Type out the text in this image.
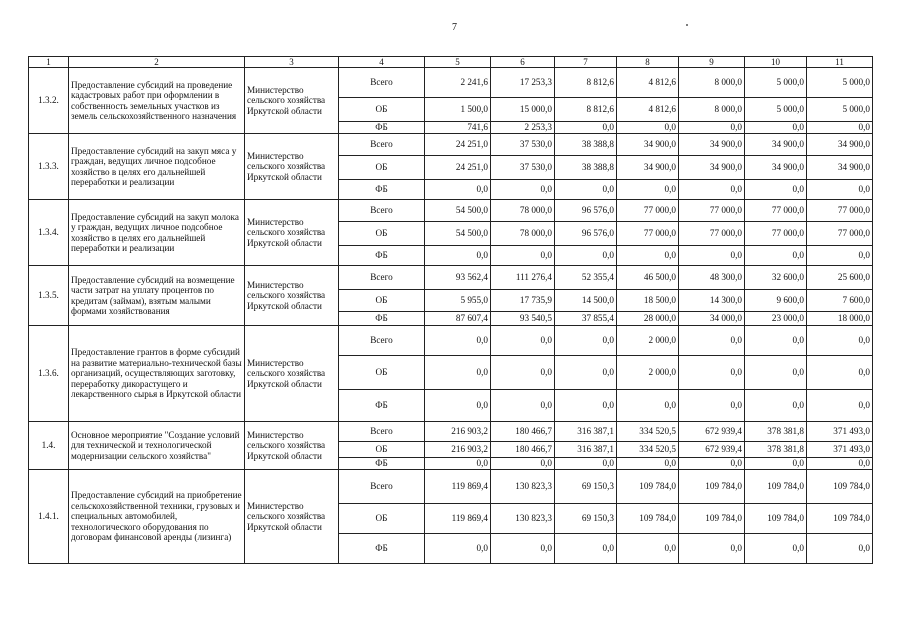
7
1	2	3	4	5	6	7	8	9	10	11
1.3.2.	Предоставление субсидий на проведение кадастровых работ при оформлении в собственность земельных участков из земель сельскохозяйственного назначения	Министерство сельского хозяйства Иркутской области	Всего	2 241,6	17 253,3	8 812,6	4 812,6	8 000,0	5 000,0	5 000,0
			ОБ	1 500,0	15 000,0	8 812,6	4 812,6	8 000,0	5 000,0	5 000,0
			ФБ	741,6	2 253,3	0,0	0,0	0,0	0,0	0,0
1.3.3.	Предоставление субсидий на закуп мяса у граждан, ведущих личное подсобное хозяйство в целях его дальнейшей переработки и реализации	Министерство сельского хозяйства Иркутской области	Всего	24 251,0	37 530,0	38 388,8	34 900,0	34 900,0	34 900,0	34 900,0
			ОБ	24 251,0	37 530,0	38 388,8	34 900,0	34 900,0	34 900,0	34 900,0
			ФБ	0,0	0,0	0,0	0,0	0,0	0,0	0,0
1.3.4.	Предоставление субсидий на закуп молока у граждан, ведущих личное подсобное хозяйство в целях его дальнейшей переработки и реализации	Министерство сельского хозяйства Иркутской области	Всего	54 500,0	78 000,0	96 576,0	77 000,0	77 000,0	77 000,0	77 000,0
			ОБ	54 500,0	78 000,0	96 576,0	77 000,0	77 000,0	77 000,0	77 000,0
			ФБ	0,0	0,0	0,0	0,0	0,0	0,0	0,0
1.3.5.	Предоставление субсидий на возмещение части затрат на уплату процентов по кредитам (займам), взятым малыми формами хозяйствования	Министерство сельского хозяйства Иркутской области	Всего	93 562,4	111 276,4	52 355,4	46 500,0	48 300,0	32 600,0	25 600,0
			ОБ	5 955,0	17 735,9	14 500,0	18 500,0	14 300,0	9 600,0	7 600,0
			ФБ	87 607,4	93 540,5	37 855,4	28 000,0	34 000,0	23 000,0	18 000,0
1.3.6.	Предоставление грантов в форме субсидий на развитие материально-технической базы организаций, осуществляющих заготовку, переработку дикорастущего и лекарственного сырья в Иркутской области	Министерство сельского хозяйства Иркутской области	Всего	0,0	0,0	0,0	2 000,0	0,0	0,0	0,0
			ОБ	0,0	0,0	0,0	2 000,0	0,0	0,0	0,0
			ФБ	0,0	0,0	0,0	0,0	0,0	0,0	0,0
1.4.	Основное мероприятие "Создание условий для технической и технологической модернизации сельского хозяйства"	Министерство сельского хозяйства Иркутской области	Всего	216 903,2	180 466,7	316 387,1	334 520,5	672 939,4	378 381,8	371 493,0
			ОБ	216 903,2	180 466,7	316 387,1	334 520,5	672 939,4	378 381,8	371 493,0
			ФБ	0,0	0,0	0,0	0,0	0,0	0,0	0,0
1.4.1.	Предоставление субсидий на приобретение сельскохозяйственной техники, грузовых и специальных автомобилей, технологического оборудования по договорам финансовой аренды (лизинга)	Министерство сельского хозяйства Иркутской области	Всего	119 869,4	130 823,3	69 150,3	109 784,0	109 784,0	109 784,0	109 784,0
			ОБ	119 869,4	130 823,3	69 150,3	109 784,0	109 784,0	109 784,0	109 784,0
			ФБ	0,0	0,0	0,0	0,0	0,0	0,0	0,0
